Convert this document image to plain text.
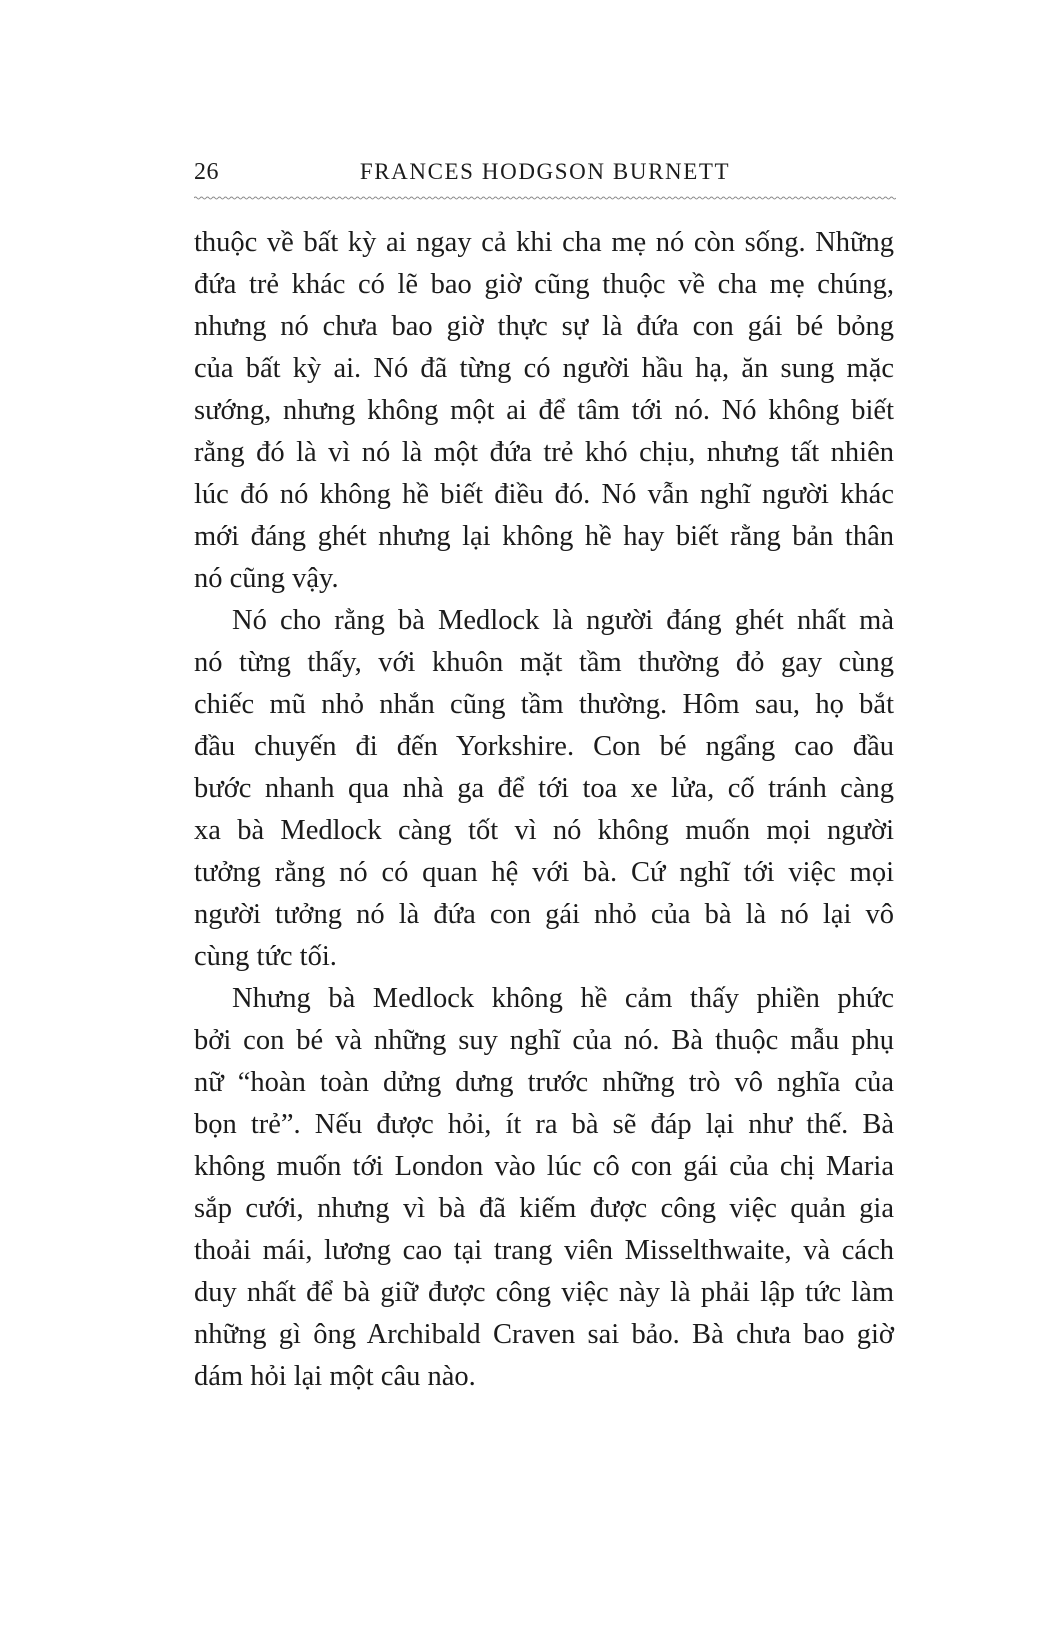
26	FRANCES HODGSON BURNETT
thuộc về bất kỳ ai ngay cả khi cha mẹ nó còn sống. Những
đứa trẻ khác có lẽ bao giờ cũng thuộc về cha mẹ chúng,
nhưng nó chưa bao giờ thực sự là đứa con gái bé bỏng
của bất kỳ ai. Nó đã từng có người hầu hạ, ăn sung mặc
sướng, nhưng không một ai để tâm tới nó. Nó không biết
rằng đó là vì nó là một đứa trẻ khó chịu, nhưng tất nhiên
lúc đó nó không hề biết điều đó. Nó vẫn nghĩ người khác
mới đáng ghét nhưng lại không hề hay biết rằng bản thân
nó cũng vậy.
Nó cho rằng bà Medlock là người đáng ghét nhất mà
nó từng thấy, với khuôn mặt tầm thường đỏ gay cùng
chiếc mũ nhỏ nhắn cũng tầm thường. Hôm sau, họ bắt
đầu chuyến đi đến Yorkshire. Con bé ngẩng cao đầu
bước nhanh qua nhà ga để tới toa xe lửa, cố tránh càng
xa bà Medlock càng tốt vì nó không muốn mọi người
tưởng rằng nó có quan hệ với bà. Cứ nghĩ tới việc mọi
người tưởng nó là đứa con gái nhỏ của bà là nó lại vô
cùng tức tối.
Nhưng bà Medlock không hề cảm thấy phiền phức
bởi con bé và những suy nghĩ của nó. Bà thuộc mẫu phụ
nữ “hoàn toàn dửng dưng trước những trò vô nghĩa của
bọn trẻ”. Nếu được hỏi, ít ra bà sẽ đáp lại như thế. Bà
không muốn tới London vào lúc cô con gái của chị Maria
sắp cưới, nhưng vì bà đã kiếm được công việc quản gia
thoải mái, lương cao tại trang viên Misselthwaite, và cách
duy nhất để bà giữ được công việc này là phải lập tức làm
những gì ông Archibald Craven sai bảo. Bà chưa bao giờ
dám hỏi lại một câu nào.
